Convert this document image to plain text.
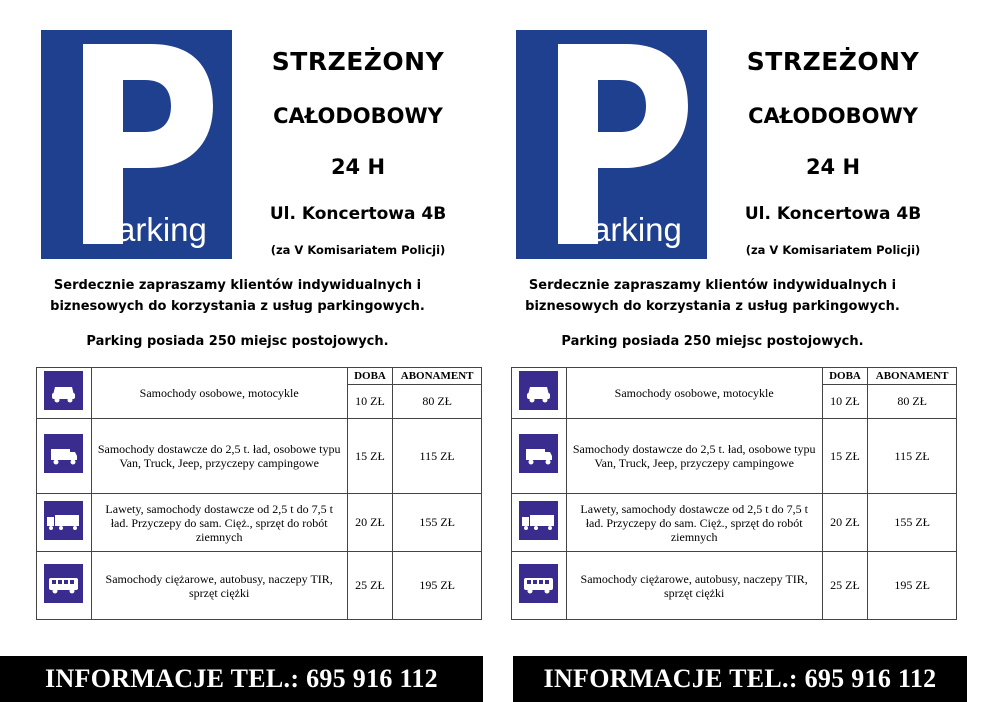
arking
STRZEŻONY
CAŁODOBOWY
24 H
Ul. Koncertowa 4B
(za V Komisariatem Policji)
Serdecznie zapraszamy klientów indywidualnych i
biznesowych do korzystania z usług parkingowych.
Parking posiada 250 miejsc postojowych.
	Samochody osobowe, motocykle	DOBA	ABONAMENT
		10 ZŁ	80 ZŁ

	Samochody dostawcze do 2,5 t. ład, osobowe typu Van, Truck, Jeep, przyczepy campingowe	15 ZŁ	115 ZŁ

	Lawety, samochody dostawcze od 2,5 t do 7,5 t ład. Przyczepy do sam. Cięż., sprzęt do robót ziemnych	20 ZŁ	155 ZŁ

	Samochody ciężarowe, autobusy, naczepy TIR, sprzęt ciężki	25 ZŁ	195 ZŁ
INFORMACJE TEL.: 695 916 112
arking
STRZEŻONY
CAŁODOBOWY
24 H
Ul. Koncertowa 4B
(za V Komisariatem Policji)
Serdecznie zapraszamy klientów indywidualnych i
biznesowych do korzystania z usług parkingowych.
Parking posiada 250 miejsc postojowych.
	Samochody osobowe, motocykle	DOBA	ABONAMENT
		10 ZŁ	80 ZŁ

	Samochody dostawcze do 2,5 t. ład, osobowe typu Van, Truck, Jeep, przyczepy campingowe	15 ZŁ	115 ZŁ

	Lawety, samochody dostawcze od 2,5 t do 7,5 t ład. Przyczepy do sam. Cięż., sprzęt do robót ziemnych	20 ZŁ	155 ZŁ

	Samochody ciężarowe, autobusy, naczepy TIR, sprzęt ciężki	25 ZŁ	195 ZŁ
INFORMACJE TEL.: 695 916 112
